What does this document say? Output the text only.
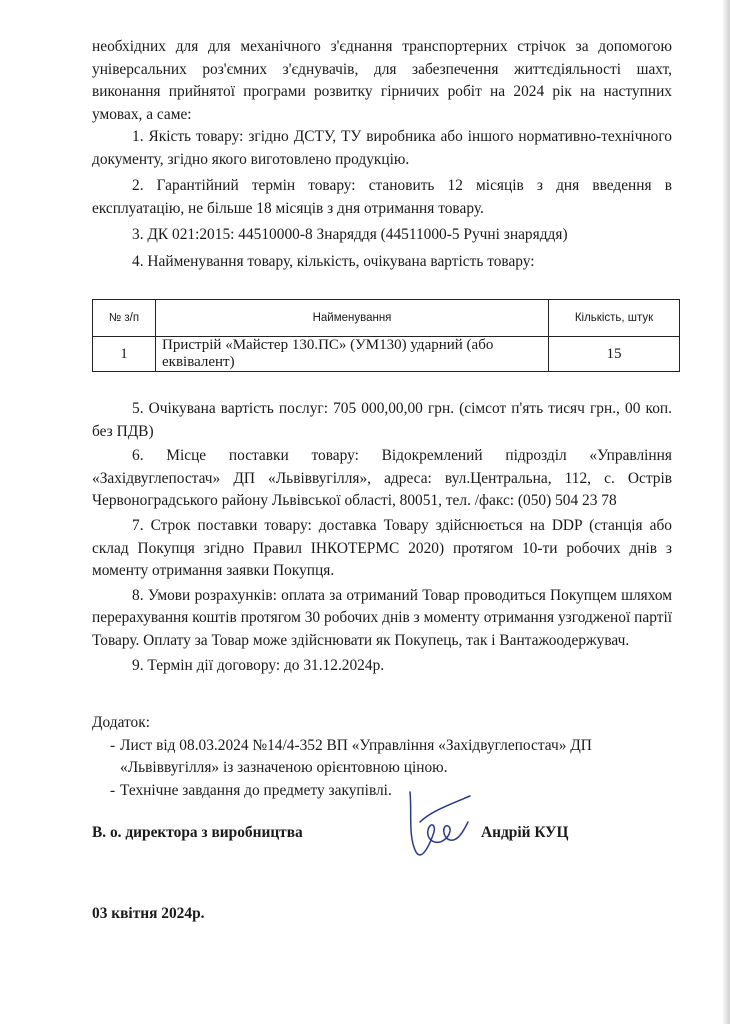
необхідних для для механічного з'єднання транспортерних стрічок за допомогою універсальних роз'ємних з'єднувачів, для забезпечення життєдіяльності шахт, виконання прийнятої програми розвитку гірничих робіт на 2024 рік на наступних умовах, а саме:

1. Якість товару: згідно ДСТУ, ТУ виробника або іншого нормативно-технічного документу, згідно якого виготовлено продукцію.

2. Гарантійний термін товару: становить 12 місяців з дня введення в експлуатацію, не більше 18 місяців з дня отримання товару.

3. ДК 021:2015: 44510000-8 Знаряддя (44511000-5 Ручні знаряддя)

4. Найменування товару, кількість, очікувана вартість товару:

№ з/п	Найменування	Кількість, штук
1	Пристрій «Майстер 130.ПС» (УМ130) ударний (або еквівалент)	15

5. Очікувана вартість послуг: 705 000,00,00 грн. (сімсот п'ять тисяч грн., 00 коп. без ПДВ)

6. Місце поставки товару: Відокремлений підрозділ «Управління «Західвуглепостач» ДП «Львіввугілля», адреса: вул.Центральна, 112, с. Острів Червоноградського району Львівської області, 80051, тел. /факс: (050) 504 23 78

7. Строк поставки товару: доставка Товару здійснюється на DDP (станція або склад Покупця згідно Правил ІНКОТЕРМС 2020) протягом 10-ти робочих днів з моменту отримання заявки Покупця.

8. Умови розрахунків: оплата за отриманий Товар проводиться Покупцем шляхом перерахування коштів протягом 30 робочих днів з моменту отримання узгодженої партії Товару. Оплату за Товар може здійснювати як Покупець, так і Вантажоодержувач.

9. Термін дії договору: до 31.12.2024р.

Додаток:

- Лист від 08.03.2024 №14/4-352 ВП «Управління «Західвуглепостач» ДП «Львіввугілля» із зазначеною орієнтовною ціною.
- Технічне завдання до предмету закупівлі.
В. о. директора з виробництва	Андрій КУЦ
03 квітня 2024р.
